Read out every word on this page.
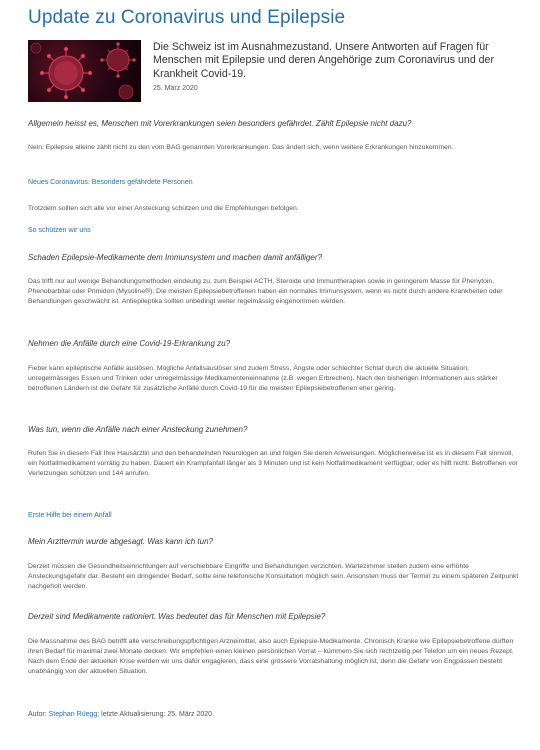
Update zu Coronavirus und Epilepsie
Die Schweiz ist im Ausnahmezustand. Unsere Antworten auf Fragen für Menschen mit Epilepsie und deren Angehörige zum Coronavirus und der Krankheit Covid-19.
25. März 2020

Allgemein heisst es, Menschen mit Vorerkrankungen seien besonders gefährdet. Zählt Epilepsie nicht dazu?

Nein, Epilepsie alleine zählt nicht zu den vom BAG genannten Vorerkrankungen. Das ändert sich, wenn weitere Erkrankungen hinzukommen.

Neues Coronavirus: Besonders gefährdete Personen

Trotzdem sollten sich alle vor einer Ansteckung schützen und die Empfehlungen befolgen.

So schützen wir uns

Schaden Epilepsie-Medikamente dem Immunsystem und machen damit anfälliger?

Das trifft nur auf wenige Behandlungsmethoden eindeutig zu, zum Beispiel ACTH, Steroide und Immuntherapien sowie in geringerem Masse für Phenytoin, Phenobarbital oder Primidon (Mysoline®). Die meisten Epilepsiebetroffenen haben ein normales Immunsystem, wenn es nicht durch andere Krankheiten oder Behandlungen geschwächt ist. Antiepileptika sollten unbedingt weiter regelmässig eingenommen werden.

Nehmen die Anfälle durch eine Covid-19-Erkrankung zu?

Fieber kann epileptische Anfälle auslösen. Mögliche Anfallsauslöser sind zudem Stress, Ängste oder schlechter Schlaf durch die aktuelle Situation, unregelmässiges Essen und Trinken oder unregelmässige Medikamenteneinnahme (z.B. wegen Erbrechen). Nach den bisherigen Informationen aus stärker betroffenen Ländern ist die Gefahr für zusätzliche Anfälle durch Covid-19 für die meisten Epilepsiebetroffenen eher gering.

Was tun, wenn die Anfälle nach einer Ansteckung zunehmen?

Rufen Sie in diesem Fall Ihre Hausärztin und den behandelnden Neurologen an und folgen Sie deren Anweisungen. Möglicherweise ist es in diesem Fall sinnvoll, ein Notfallmedikament vorrätig zu haben. Dauert ein Krampfanfall länger als 3 Minuten und ist kein Notfallmedikament verfügbar, oder es hilft nicht: Betroffenen vor Verletzungen schützen und 144 anrufen.

Erste Hilfe bei einem Anfall

Mein Arzttermin wurde abgesagt. Was kann ich tun?

Derzeit müssen die Gesundheitseinrichtungen auf verschiebbare Eingriffe und Behandlungen verzichten. Wartezimmer stellen zudem eine erhöhte Ansteckungsgefahr dar. Besteht ein dringender Bedarf, sollte eine telefonische Konsultation möglich sein. Ansonsten muss der Termin zu einem späteren Zeitpunkt nachgeholt werden.

Derzeit sind Medikamente rationiert. Was bedeutet das für Menschen mit Epilepsie?

Die Massnahme des BAG betrifft alle verschreibungspflichtigen Arzneimittel, also auch Epilepsie-Medikamente. Chronisch Kranke wie Epilepsiebetroffene dürften ihren Bedarf für maximal zwei Monate decken. Wir empfehlen einen kleinen persönlichen Vorrat – kümmern Sie sich rechtzeitig per Telefon um ein neues Rezept. Nach dem Ende der aktuellen Krise werden wir uns dafür engagieren, dass eine grössere Vorratshaltung möglich ist, denn die Gefahr von Engpässen besteht unabhängig von der aktuellen Situation.

Autor: Stephan Rüegg; letzte Aktualisierung: 25. März 2020.
